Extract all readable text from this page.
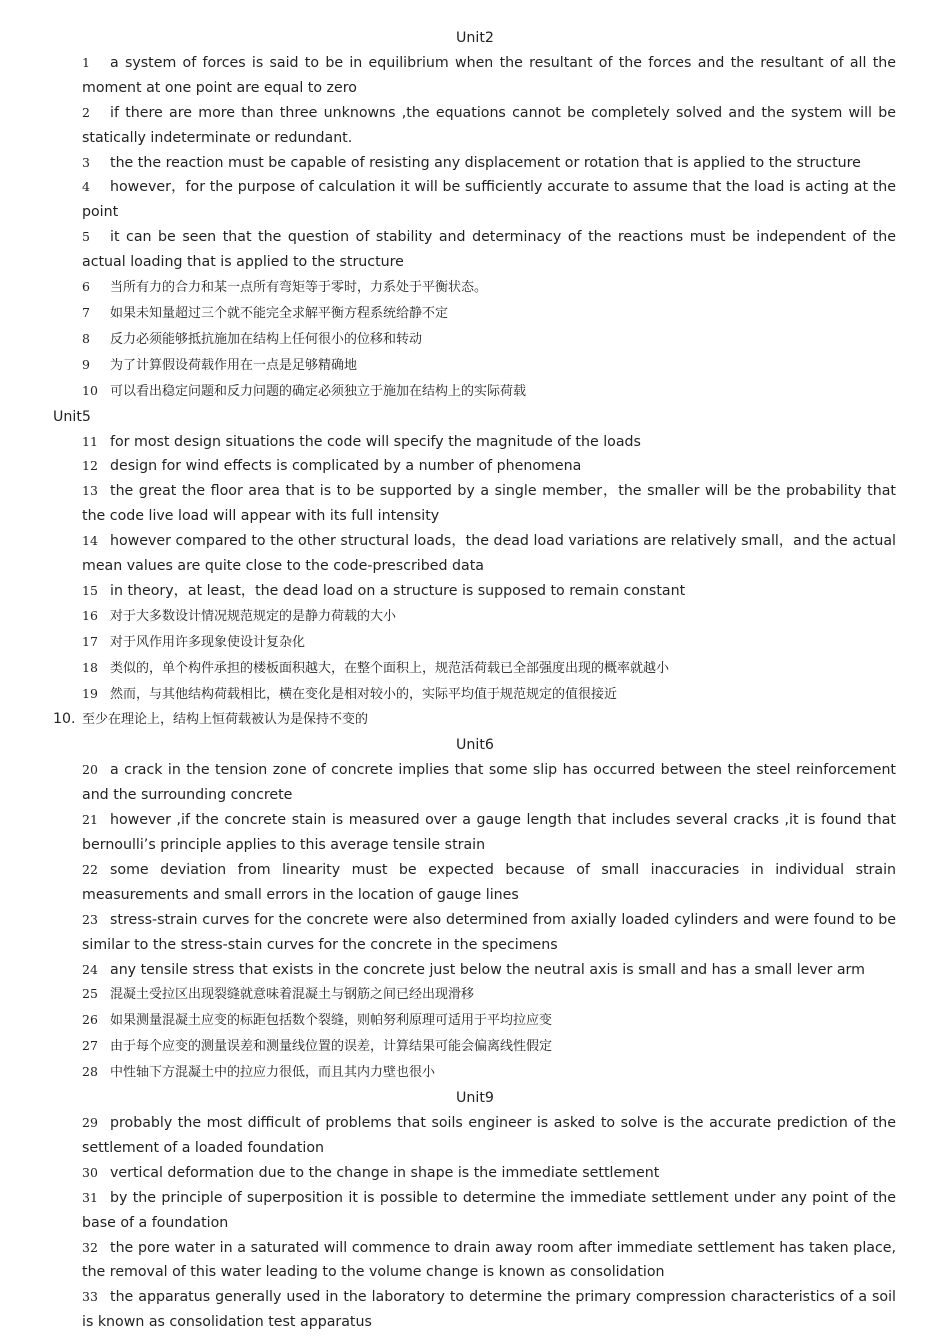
Unit2
1 a system of forces is said to be in equilibrium when the resultant of the forces and the resultant of all the moment at one point are equal to zero
2 if there are more than three unknowns ,the equations cannot be completely solved and the system will be statically indeterminate or redundant.
3 the the reaction must be capable of resisting any displacement or rotation that is applied to the structure
4 however，for the purpose of calculation it will be sufficiently accurate to assume that the load is acting at the point
5 it can be seen that the question of stability and determinacy of the reactions must be independent of the actual loading that is applied to the structure
6 当所有力的合力和某一点所有弯矩等于零时，力系处于平衡状态。
7 如果未知量超过三个就不能完全求解平衡方程系统给静不定
8 反力必须能够抵抗施加在结构上任何很小的位移和转动
9 为了计算假设荷载作用在一点是足够精确地
10 可以看出稳定问题和反力问题的确定必须独立于施加在结构上的实际荷载
Unit5
11 for most design situations the code will specify the magnitude of the loads
12 design for wind effects is complicated by a number of phenomena
13 the great the floor area that is to be supported by a single member，the smaller will be the probability that the code live load will appear with its full intensity
14 however compared to the other structural loads，the dead load variations are relatively small，and the actual mean values are quite close to the code-prescribed data
15 in theory，at least，the dead load on a structure is supposed to remain constant
16 对于大多数设计情况规范规定的是静力荷载的大小
17 对于风作用许多现象使设计复杂化
18 类似的，单个构件承担的楼板面积越大，在整个面积上，规范活荷载已全部强度出现的概率就越小
19 然而，与其他结构荷载相比，横在变化是相对较小的，实际平均值于规范规定的值很接近
10. 至少在理论上，结构上恒荷载被认为是保持不变的
Unit6
20 a crack in the tension zone of concrete implies that some slip has occurred between the steel reinforcement and the surrounding concrete
21 however ,if the concrete stain is measured over a gauge length that includes several cracks ,it is found that bernoulli’s principle applies to this average tensile strain
22 some deviation from linearity must be expected because of small inaccuracies in individual strain measurements and small errors in the location of gauge lines
23 stress-strain curves for the concrete were also determined from axially loaded cylinders and were found to be similar to the stress-stain curves for the concrete in the specimens
24 any tensile stress that exists in the concrete just below the neutral axis is small and has a small lever arm
25 混凝土受拉区出现裂缝就意味着混凝土与钢筋之间已经出现滑移
26 如果测量混凝土应变的标距包括数个裂缝，则帕努利原理可适用于平均拉应变
27 由于每个应变的测量误差和测量线位置的误差，计算结果可能会偏离线性假定
28 中性轴下方混凝土中的拉应力很低，而且其内力壁也很小
Unit9
29 probably the most difficult of problems that soils engineer is asked to solve is the accurate prediction of the settlement of a loaded foundation
30 vertical deformation due to the change in shape is the immediate settlement
31 by the principle of superposition it is possible to determine the immediate settlement under any point of the base of a foundation
32 the pore water in a saturated will commence to drain away room after immediate settlement has taken place, the removal of this water leading to the volume change is known as consolidation
33 the apparatus generally used in the laboratory to determine the primary compression characteristics of a soil is known as consolidation test apparatus
